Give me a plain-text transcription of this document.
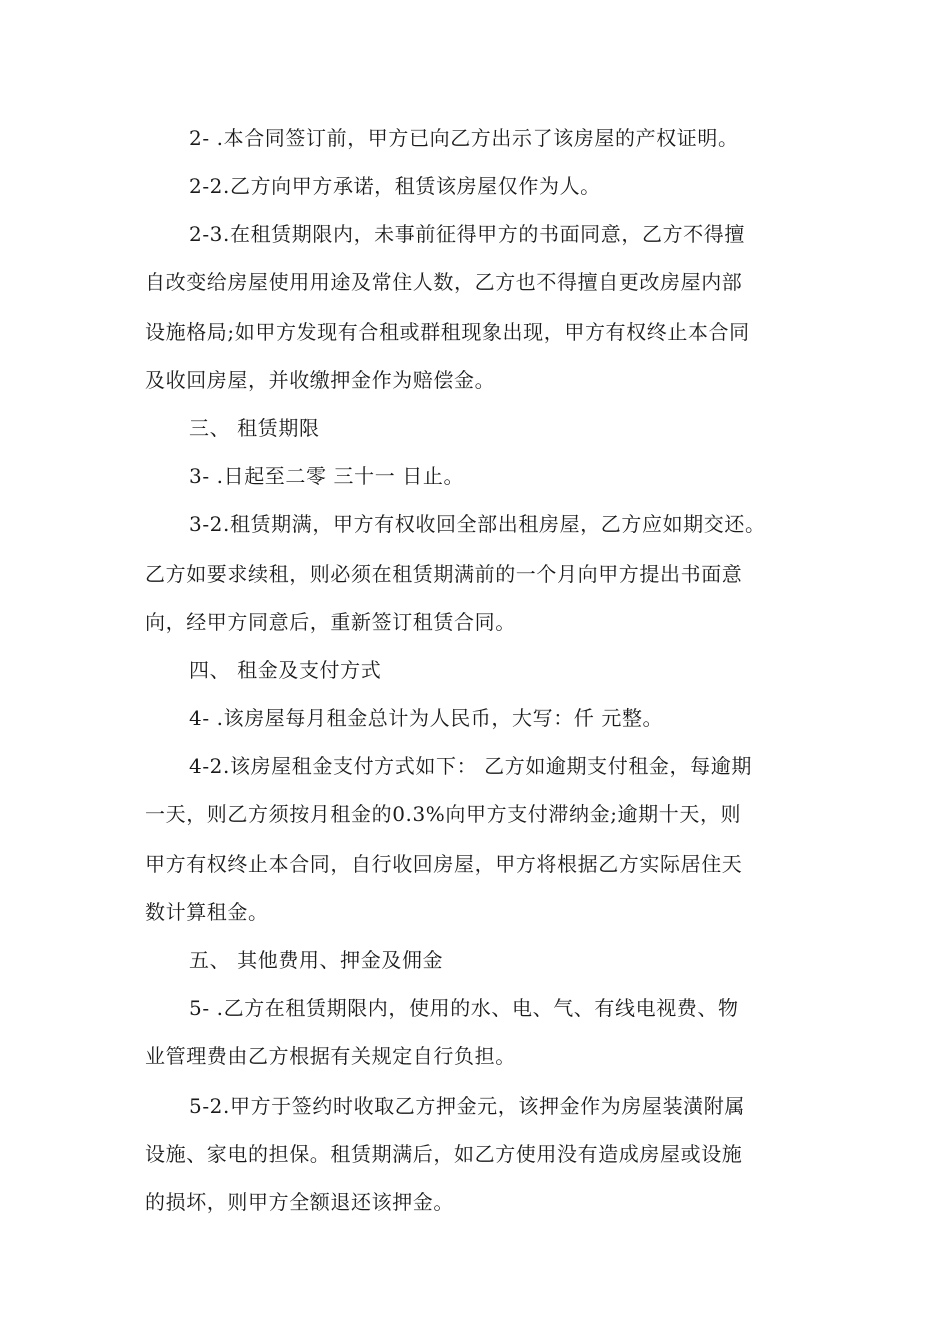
2- .本合同签订前，甲方已向乙方出示了该房屋的产权证明。
2-2.乙方向甲方承诺，租赁该房屋仅作为人。
2-3.在租赁期限内，未事前征得甲方的书面同意，乙方不得擅
自改变给房屋使用用途及常住人数，乙方也不得擅自更改房屋内部
设施格局;如甲方发现有合租或群租现象出现，甲方有权终止本合同
及收回房屋，并收缴押金作为赔偿金。
三、 租赁期限
3- .日起至二零 三十一 日止。
3-2.租赁期满，甲方有权收回全部出租房屋，乙方应如期交还。
乙方如要求续租，则必须在租赁期满前的一个月向甲方提出书面意
向，经甲方同意后，重新签订租赁合同。
四、 租金及支付方式
4- .该房屋每月租金总计为人民币，大写：仟 元整。
4-2.该房屋租金支付方式如下： 乙方如逾期支付租金，每逾期
一天，则乙方须按月租金的0.3%向甲方支付滞纳金;逾期十天，则
甲方有权终止本合同，自行收回房屋，甲方将根据乙方实际居住天
数计算租金。
五、 其他费用、押金及佣金
5- .乙方在租赁期限内，使用的水、电、气、有线电视费、物
业管理费由乙方根据有关规定自行负担。
5-2.甲方于签约时收取乙方押金元，该押金作为房屋装潢附属
设施、家电的担保。租赁期满后，如乙方使用没有造成房屋或设施
的损坏，则甲方全额退还该押金。
